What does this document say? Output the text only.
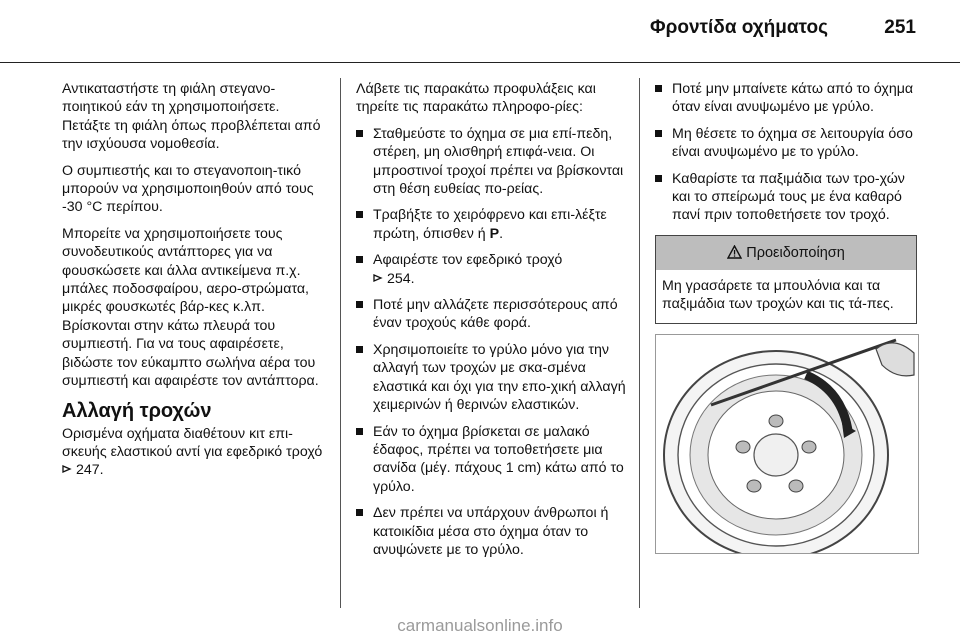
Φροντίδα οχήματος	251

Αντικαταστήστε τη φιάλη στεγανο-ποιητικού εάν τη χρησιμοποιήσετε. Πετάξτε τη φιάλη όπως προβλέπεται από την ισχύουσα νομοθεσία.

Ο συμπιεστής και το στεγανοποιη-τικό μπορούν να χρησιμοποιηθούν από τους -30 °C περίπου.

Μπορείτε να χρησιμοποιήσετε τους συνοδευτικούς αντάπτορες για να φουσκώσετε και άλλα αντικείμενα π.χ. μπάλες ποδοσφαίρου, αερο-στρώματα, μικρές φουσκωτές βάρ-κες κ.λπ. Βρίσκονται στην κάτω πλευρά του συμπιεστή. Για να τους αφαιρέσετε, βιδώστε τον εύκαμπτο σωλήνα αέρα του συμπιεστή και αφαιρέστε τον αντάπτορα.

Αλλαγή τροχών

Ορισμένα οχήματα διαθέτουν κιτ επι-σκευής ελαστικού αντί για εφεδρικό τροχό  247.

Λάβετε τις παρακάτω προφυλάξεις και τηρείτε τις παρακάτω πληροφο-ρίες:

Σταθμεύστε το όχημα σε μια επί-πεδη, στέρεη, μη ολισθηρή επιφά-νεια. Οι μπροστινοί τροχοί πρέπει να βρίσκονται στη θέση ευθείας πο-ρείας.
Τραβήξτε το χειρόφρενο και επι-λέξτε πρώτη, όπισθεν ή P.
Αφαιρέστε τον εφεδρικό τροχό
254.
Ποτέ μην αλλάζετε περισσότερους από έναν τροχούς κάθε φορά.
Χρησιμοποιείτε το γρύλο μόνο για την αλλαγή των τροχών με σκα-σμένα ελαστικά και όχι για την επο-χική αλλαγή χειμερινών ή θερινών ελαστικών.
Εάν το όχημα βρίσκεται σε μαλακό έδαφος, πρέπει να τοποθετήσετε μια σανίδα (μέγ. πάχους 1 cm) κάτω από το γρύλο.
Δεν πρέπει να υπάρχουν άνθρωποι ή κατοικίδια μέσα στο όχημα όταν το ανυψώνετε με το γρύλο.
Ποτέ μην μπαίνετε κάτω από το όχημα όταν είναι ανυψωμένο με γρύλο.
Μη θέσετε το όχημα σε λειτουργία όσο είναι ανυψωμένο με το γρύλο.
Καθαρίστε τα παξιμάδια των τρο-χών και το σπείρωμά τους με ένα καθαρό πανί πριν τοποθετήσετε τον τροχό.
Προειδοποίηση
Μη γρασάρετε τα μπουλόνια και τα παξιμάδια των τροχών και τις τά-πες.
carmanualsonline.info
